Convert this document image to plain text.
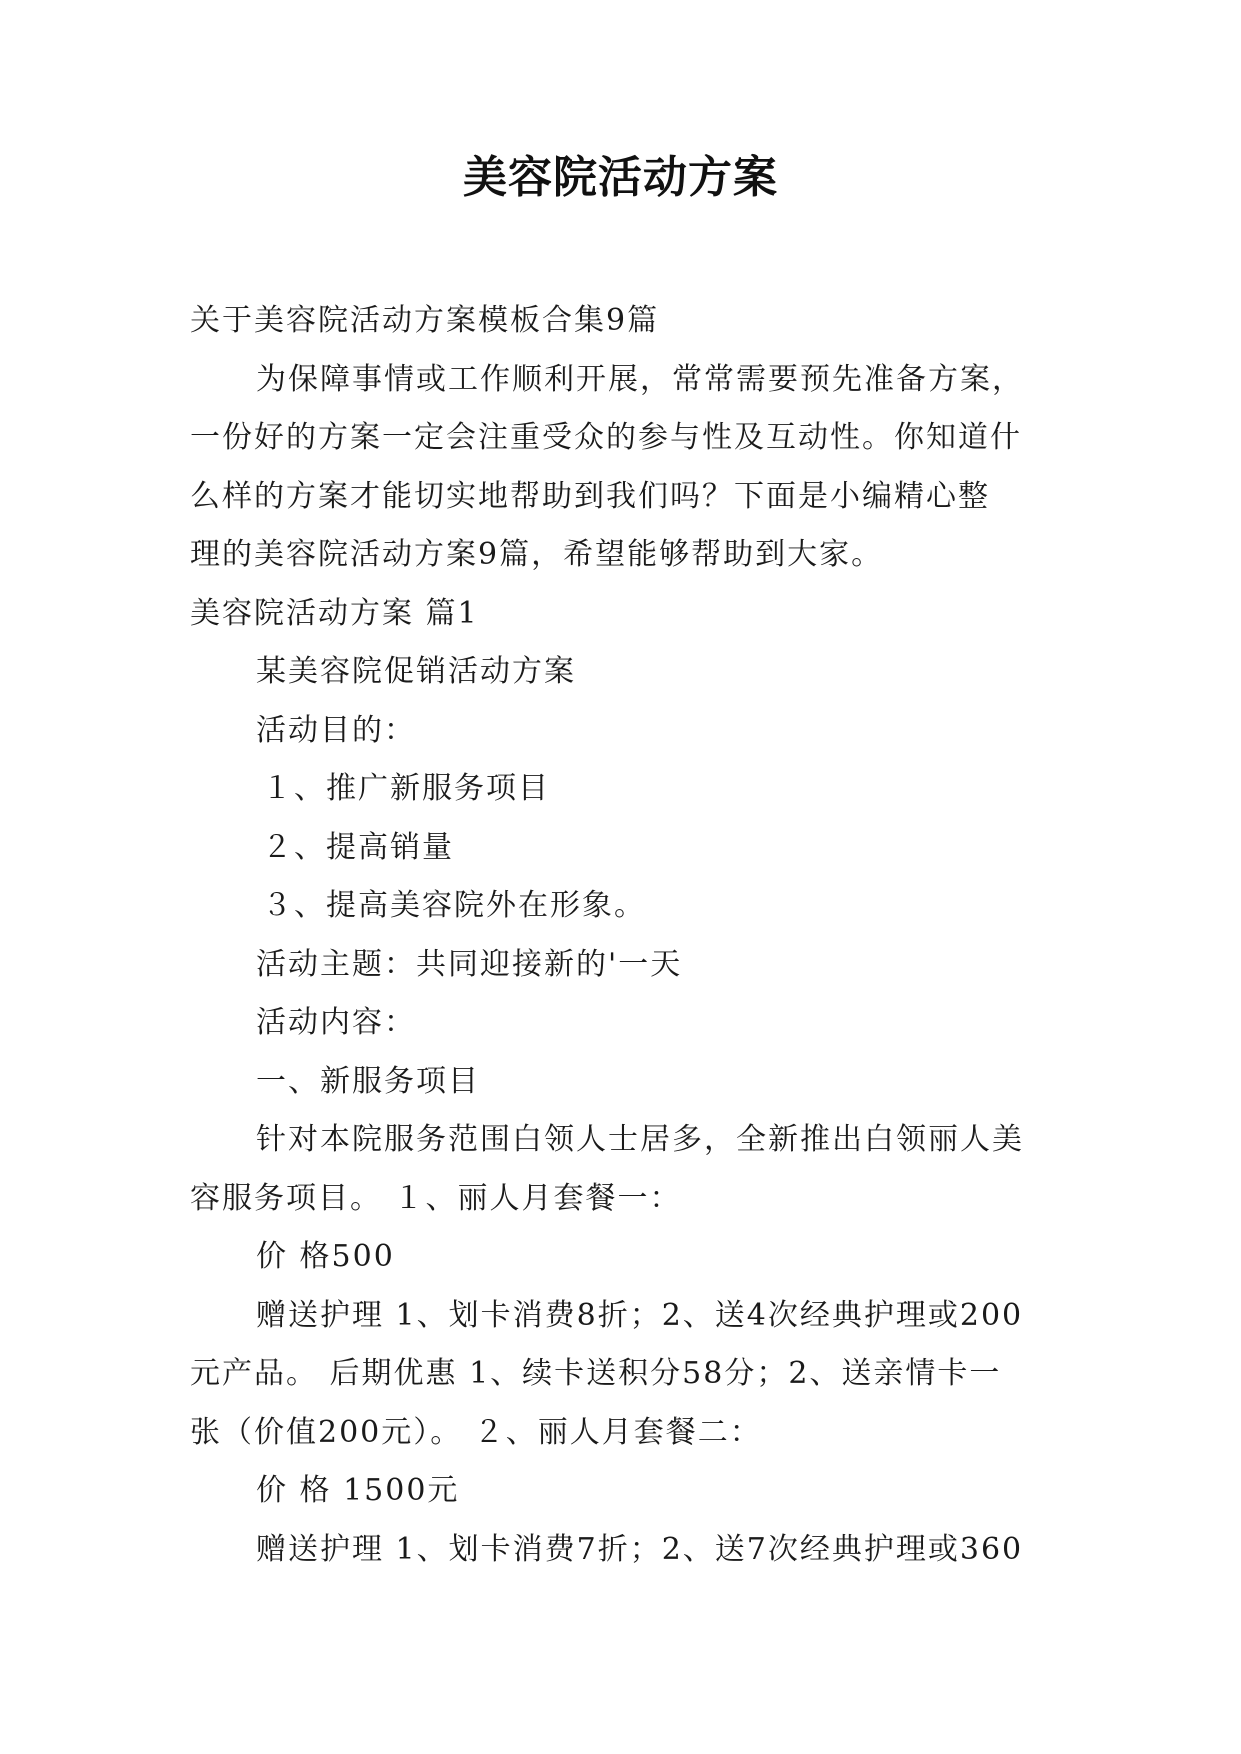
美容院活动方案
关于美容院活动方案模板合集9篇
为保障事情或工作顺利开展，常常需要预先准备方案，
一份好的方案一定会注重受众的参与性及互动性。你知道什
么样的方案才能切实地帮助到我们吗？下面是小编精心整
理的美容院活动方案9篇，希望能够帮助到大家。
美容院活动方案 篇1
某美容院促销活动方案
活动目的：
１、推广新服务项目
２、提高销量
３、提高美容院外在形象。
活动主题：共同迎接新的'一天
活动内容：
一、新服务项目
针对本院服务范围白领人士居多，全新推出白领丽人美
容服务项目。 １、丽人月套餐一：
价 格500
赠送护理 1、划卡消费8折；2、送4次经典护理或200
元产品。 后期优惠 1、续卡送积分58分；2、送亲情卡一
张（价值200元）。 ２、丽人月套餐二：
价 格 1500元
赠送护理 1、划卡消费7折；2、送7次经典护理或360
